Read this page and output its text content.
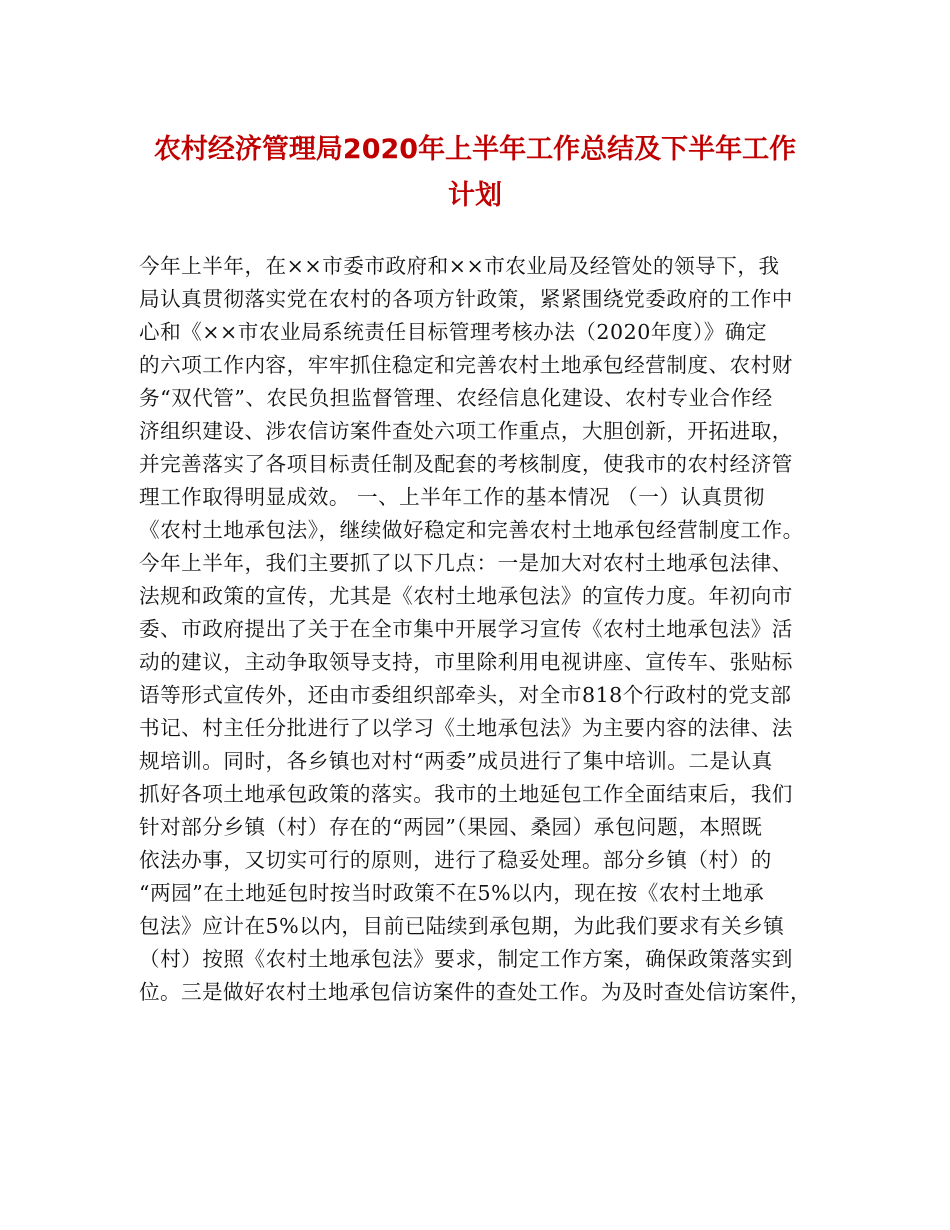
农村经济管理局2020年上半年工作总结及下半年工作
计划
今年上半年，在××市委市政府和××市农业局及经管处的领导下，我
局认真贯彻落实党在农村的各项方针政策，紧紧围绕党委政府的工作中
心和《××市农业局系统责任目标管理考核办法（2020年度）》确定
的六项工作内容，牢牢抓住稳定和完善农村土地承包经营制度、农村财
务“双代管”、农民负担监督管理、农经信息化建设、农村专业合作经
济组织建设、涉农信访案件查处六项工作重点，大胆创新，开拓进取，
并完善落实了各项目标责任制及配套的考核制度，使我市的农村经济管
理工作取得明显成效。 一、上半年工作的基本情况 （一）认真贯彻
《农村土地承包法》，继续做好稳定和完善农村土地承包经营制度工作。
今年上半年，我们主要抓了以下几点：一是加大对农村土地承包法律、
法规和政策的宣传，尤其是《农村土地承包法》的宣传力度。年初向市
委、市政府提出了关于在全市集中开展学习宣传《农村土地承包法》活
动的建议，主动争取领导支持，市里除利用电视讲座、宣传车、张贴标
语等形式宣传外，还由市委组织部牵头，对全市818个行政村的党支部
书记、村主任分批进行了以学习《土地承包法》为主要内容的法律、法
规培训。同时，各乡镇也对村“两委”成员进行了集中培训。二是认真
抓好各项土地承包政策的落实。我市的土地延包工作全面结束后，我们
针对部分乡镇（村）存在的“两园”（果园、桑园）承包问题，本照既
依法办事，又切实可行的原则，进行了稳妥处理。部分乡镇（村）的
“两园”在土地延包时按当时政策不在5%以内，现在按《农村土地承
包法》应计在5%以内，目前已陆续到承包期，为此我们要求有关乡镇
（村）按照《农村土地承包法》要求，制定工作方案，确保政策落实到
位。三是做好农村土地承包信访案件的查处工作。为及时查处信访案件，
